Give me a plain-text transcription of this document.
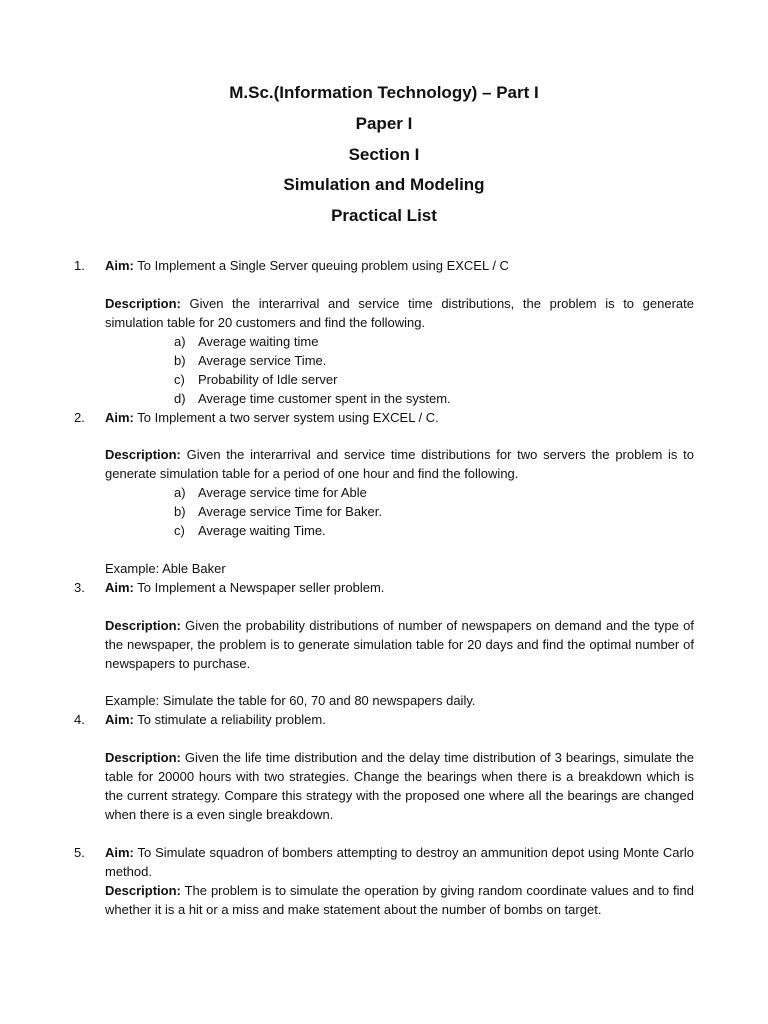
M.Sc.(Information Technology) – Part I
Paper I
Section I
Simulation and Modeling
Practical List
1. Aim: To Implement a Single Server queuing problem using EXCEL / C
Description: Given the interarrival and service time distributions, the problem is to generate simulation table for 20 customers and find the following.
a) Average waiting time
b) Average service Time.
c) Probability of Idle server
d) Average time customer spent in the system.
2. Aim: To Implement a two server system using EXCEL / C.
Description: Given the interarrival and service time distributions for two servers the problem is to generate simulation table for a period of one hour and find the following.
a) Average service time for Able
b) Average service Time for Baker.
c) Average waiting Time.
Example: Able Baker
3. Aim: To Implement a Newspaper seller problem.
Description: Given the probability distributions of number of newspapers on demand and the type of the newspaper, the problem is to generate simulation table for 20 days and find the optimal number of newspapers to purchase.
Example: Simulate the table for 60, 70 and 80 newspapers daily.
4. Aim: To stimulate a reliability problem.
Description: Given the life time distribution and the delay time distribution of 3 bearings, simulate the table for 20000 hours with two strategies. Change the bearings when there is a breakdown which is the current strategy. Compare this strategy with the proposed one where all the bearings are changed when there is a even single breakdown.
5. Aim: To Simulate squadron of bombers attempting to destroy an ammunition depot using Monte Carlo method.
Description: The problem is to simulate the operation by giving random coordinate values and to find whether it is a hit or a miss and make statement about the number of bombs on target.
